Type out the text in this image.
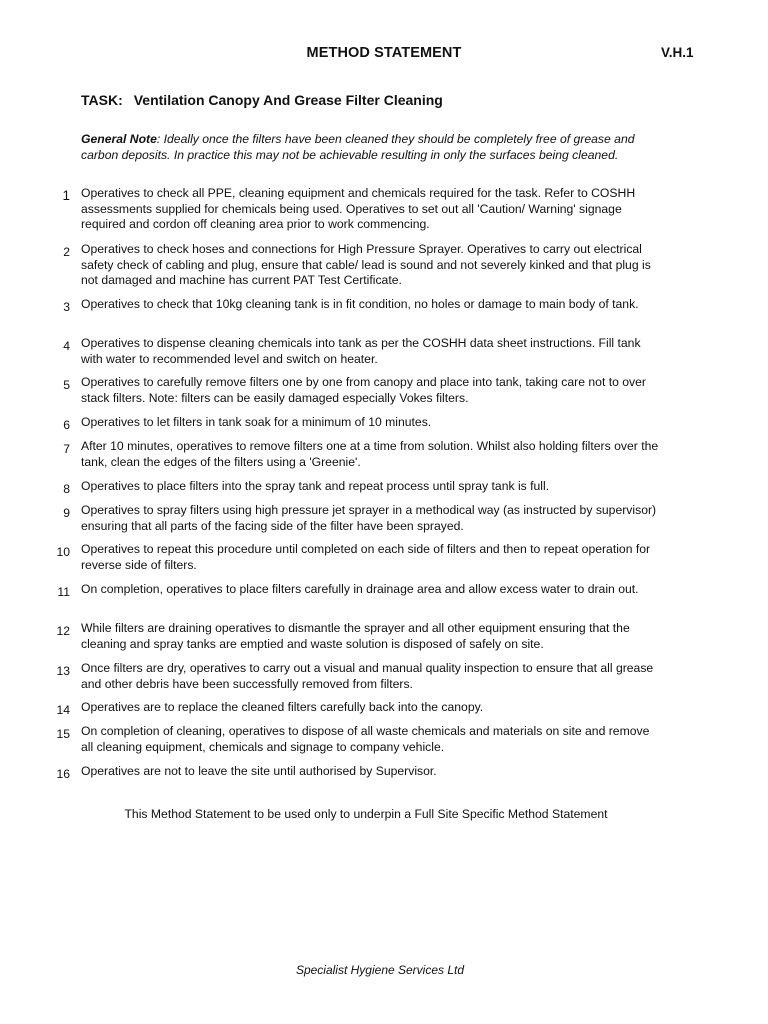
METHOD STATEMENT	V.H.1
TASK: Ventilation Canopy And Grease Filter Cleaning
General Note: Ideally once the filters have been cleaned they should be completely free of grease and carbon deposits. In practice this may not be achievable resulting in only the surfaces being cleaned.
1 Operatives to check all PPE, cleaning equipment and chemicals required for the task. Refer to COSHH assessments supplied for chemicals being used. Operatives to set out all 'Caution/ Warning' signage required and cordon off cleaning area prior to work commencing.
2 Operatives to check hoses and connections for High Pressure Sprayer. Operatives to carry out electrical safety check of cabling and plug, ensure that cable/ lead is sound and not severely kinked and that plug is not damaged and machine has current PAT Test Certificate.
3 Operatives to check that 10kg cleaning tank is in fit condition, no holes or damage to main body of tank.
4 Operatives to dispense cleaning chemicals into tank as per the COSHH data sheet instructions. Fill tank with water to recommended level and switch on heater.
5 Operatives to carefully remove filters one by one from canopy and place into tank, taking care not to over stack filters. Note: filters can be easily damaged especially Vokes filters.
6 Operatives to let filters in tank soak for a minimum of 10 minutes.
7 After 10 minutes, operatives to remove filters one at a time from solution. Whilst also holding filters over the tank, clean the edges of the filters using a 'Greenie'.
8 Operatives to place filters into the spray tank and repeat process until spray tank is full.
9 Operatives to spray filters using high pressure jet sprayer in a methodical way (as instructed by supervisor) ensuring that all parts of the facing side of the filter have been sprayed.
10 Operatives to repeat this procedure until completed on each side of filters and then to repeat operation for reverse side of filters.
11 On completion, operatives to place filters carefully in drainage area and allow excess water to drain out.
12 While filters are draining operatives to dismantle the sprayer and all other equipment ensuring that the cleaning and spray tanks are emptied and waste solution is disposed of safely on site.
13 Once filters are dry, operatives to carry out a visual and manual quality inspection to ensure that all grease and other debris have been successfully removed from filters.
14 Operatives are to replace the cleaned filters carefully back into the canopy.
15 On completion of cleaning, operatives to dispose of all waste chemicals and materials on site and remove all cleaning equipment, chemicals and signage to company vehicle.
16 Operatives are not to leave the site until authorised by Supervisor.
This Method Statement to be used only to underpin a Full Site Specific Method Statement
Specialist Hygiene Services Ltd
